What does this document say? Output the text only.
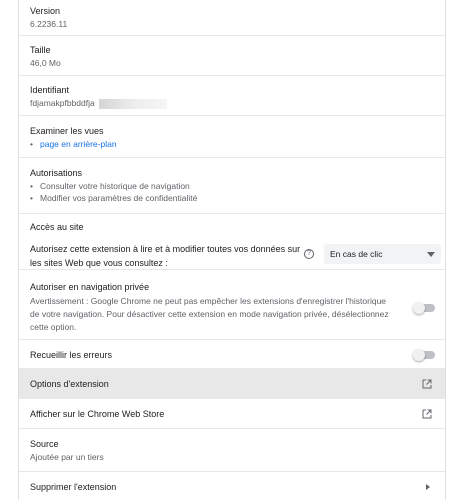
Version
6.2236.11
Taille
46,0 Mo
Identifiant
fdjamakpfbbddfja
Examiner les vues
• page en arrière-plan
Autorisations
• Consulter votre historique de navigation
• Modifier vos paramètres de confidentialité
Accès au site
Autorisez cette extension à lire et à modifier toutes vos données sur les sites Web que vous consultez :
?	En cas de clic
Autoriser en navigation privée
Avertissement : Google Chrome ne peut pas empêcher les extensions d'enregistrer l'historique de votre navigation. Pour désactiver cette extension en mode navigation privée, désélectionnez cette option.
Recueillir les erreurs
Options d'extension
Afficher sur le Chrome Web Store
Source
Ajoutée par un tiers
Supprimer l'extension
